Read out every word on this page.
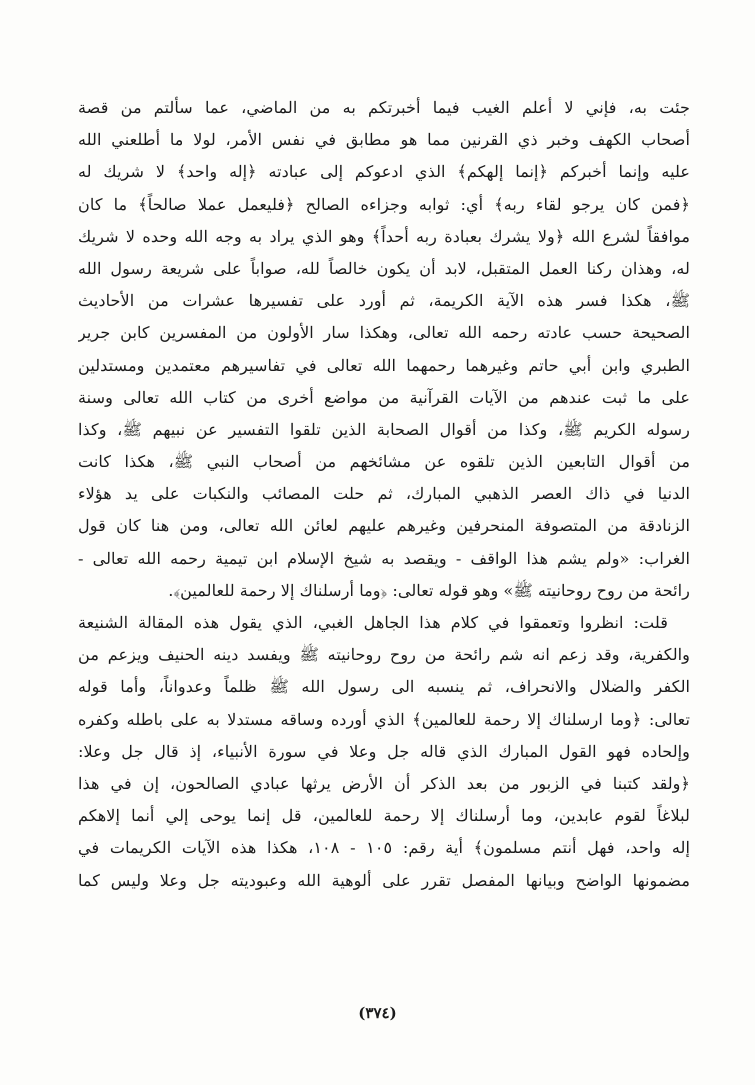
جئت به، فإني لا أعلم الغيب فيما أخبرتكم به من الماضي، عما سألتم من قصة
أصحاب الكهف وخبر ذي القرنين مما هو مطابق في نفس الأمر، لولا ما أطلعني الله
عليه وإنما أخبركم ﴿إنما إلهكم﴾ الذي ادعوكم إلى عبادته ﴿إله واحد﴾ لا شريك له
﴿فمن كان يرجو لقاء ربه﴾ أي: ثوابه وجزاءه الصالح ﴿فليعمل عملا صالحاً﴾ ما كان
موافقاً لشرع الله ﴿ولا يشرك بعبادة ربه أحداً﴾ وهو الذي يراد به وجه الله وحده لا شريك
له، وهذان ركنا العمل المتقبل، لابد أن يكون خالصاً لله، صواباً على شريعة رسول الله
ﷺ، هكذا فسر هذه الآية الكريمة، ثم أورد على تفسيرها عشرات من الأحاديث
الصحيحة حسب عادته رحمه الله تعالى، وهكذا سار الأولون من المفسرين كابن جرير
الطبري وابن أبي حاتم وغيرهما رحمهما الله تعالى في تفاسيرهم معتمدين ومستدلين
على ما ثبت عندهم من الآيات القرآنية من مواضع أخرى من كتاب الله تعالى وسنة
رسوله الكريم ﷺ، وكذا من أقوال الصحابة الذين تلقوا التفسير عن نبيهم ﷺ، وكذا
من أقوال التابعين الذين تلقوه عن مشائخهم من أصحاب النبي ﷺ، هكذا كانت
الدنيا في ذاك العصر الذهبي المبارك، ثم حلت المصائب والنكبات على يد هؤلاء
الزنادقة من المتصوفة المنحرفين وغيرهم عليهم لعائن الله تعالى، ومن هنا كان قول
الغراب: «ولم يشم هذا الواقف - ويقصد به شيخ الإسلام ابن تيمية رحمه الله تعالى -
رائحة من روح روحانيته ﷺ» وهو قوله تعالى: ﴿وما أرسلناك إلا رحمة للعالمين﴾.
قلت: انظروا وتعمقوا في كلام هذا الجاهل الغبي، الذي يقول هذه المقالة الشنيعة
والكفرية، وقد زعم انه شم رائحة من روح روحانيته ﷺ ويفسد دينه الحنيف ويزعم من
الكفر والضلال والانحراف، ثم ينسبه الى رسول الله ﷺ ظلماً وعدواناً، وأما قوله
تعالى: ﴿وما ارسلناك إلا رحمة للعالمين﴾ الذي أورده وساقه مستدلا به على باطله وكفره
وإلحاده فهو القول المبارك الذي قاله جل وعلا في سورة الأنبياء، إذ قال جل وعلا:
﴿ولقد كتبنا في الزبور من بعد الذكر أن الأرض يرثها عبادي الصالحون، إن في هذا
لبلاغاً لقوم عابدين، وما أرسلناك إلا رحمة للعالمين، قل إنما يوحى إلي أنما إلاهكم
إله واحد، فهل أنتم مسلمون﴾ أية رقم: ١٠٥ - ١٠٨، هكذا هذه الآيات الكريمات في
مضمونها الواضح وبيانها المفصل تقرر على ألوهية الله وعبوديته جل وعلا وليس كما
(٣٧٤)
